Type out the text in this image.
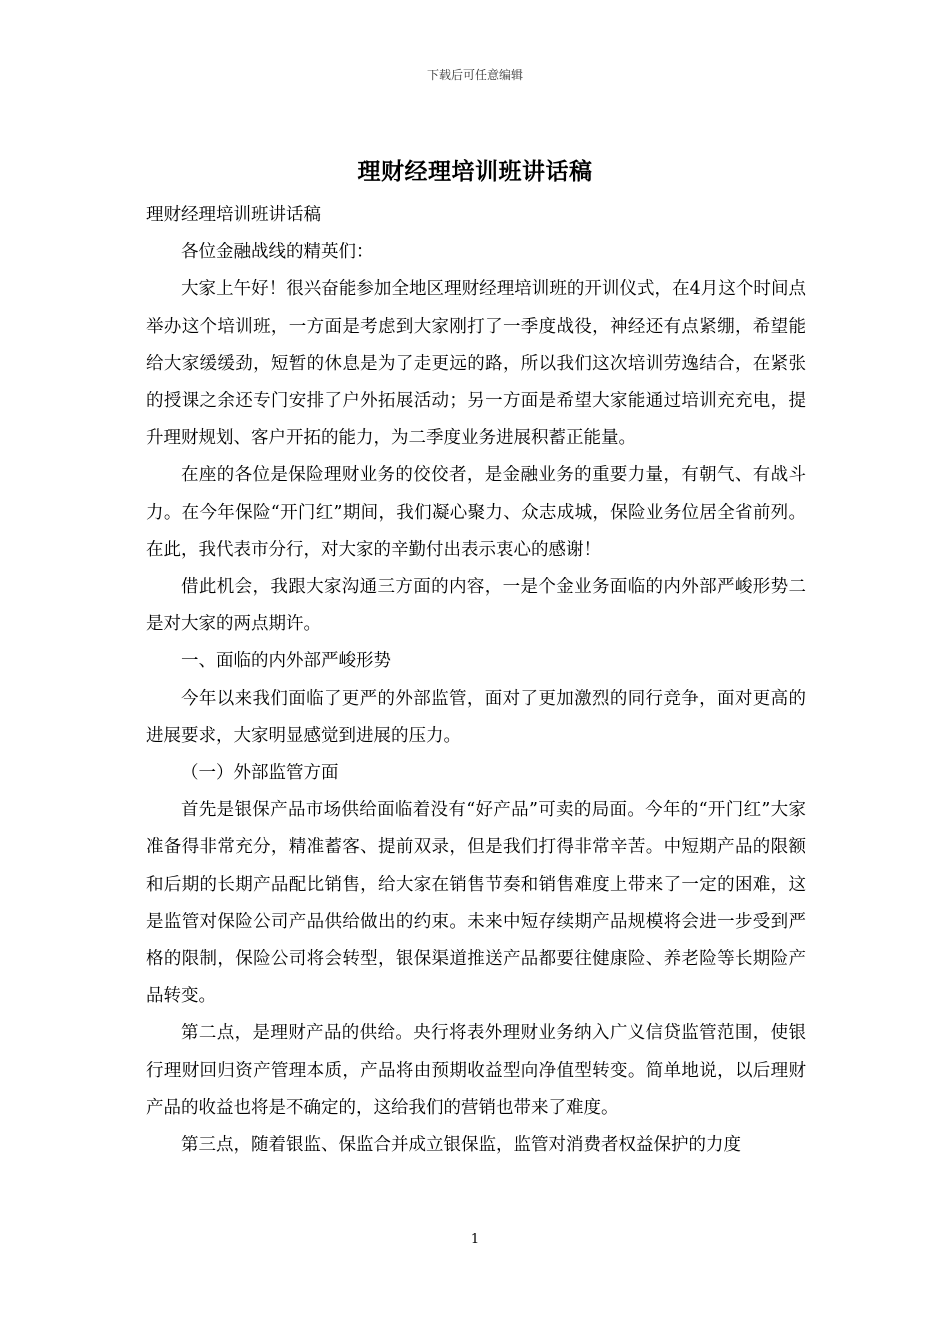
下载后可任意编辑
理财经理培训班讲话稿

理财经理培训班讲话稿

各位金融战线的精英们：

大家上午好！很兴奋能参加全地区理财经理培训班的开训仪式，在4月这个时间点举办这个培训班，一方面是考虑到大家刚打了一季度战役，神经还有点紧绷，希望能给大家缓缓劲，短暂的休息是为了走更远的路，所以我们这次培训劳逸结合，在紧张的授课之余还专门安排了户外拓展活动；另一方面是希望大家能通过培训充充电，提升理财规划、客户开拓的能力，为二季度业务进展积蓄正能量。

在座的各位是保险理财业务的佼佼者，是金融业务的重要力量，有朝气、有战斗力。在今年保险“开门红”期间，我们凝心聚力、众志成城，保险业务位居全省前列。在此，我代表市分行，对大家的辛勤付出表示衷心的感谢！

借此机会，我跟大家沟通三方面的内容，一是个金业务面临的内外部严峻形势二是对大家的两点期许。

一、面临的内外部严峻形势

今年以来我们面临了更严的外部监管，面对了更加激烈的同行竞争，面对更高的进展要求，大家明显感觉到进展的压力。

（一）外部监管方面

首先是银保产品市场供给面临着没有“好产品”可卖的局面。今年的“开门红”大家准备得非常充分，精准蓄客、提前双录，但是我们打得非常辛苦。中短期产品的限额和后期的长期产品配比销售，给大家在销售节奏和销售难度上带来了一定的困难，这是监管对保险公司产品供给做出的约束。未来中短存续期产品规模将会进一步受到严格的限制，保险公司将会转型，银保渠道推送产品都要往健康险、养老险等长期险产品转变。

第二点，是理财产品的供给。央行将表外理财业务纳入广义信贷监管范围，使银行理财回归资产管理本质，产品将由预期收益型向净值型转变。简单地说，以后理财产品的收益也将是不确定的，这给我们的营销也带来了难度。

第三点，随着银监、保监合并成立银保监，监管对消费者权益保护的力度

1
